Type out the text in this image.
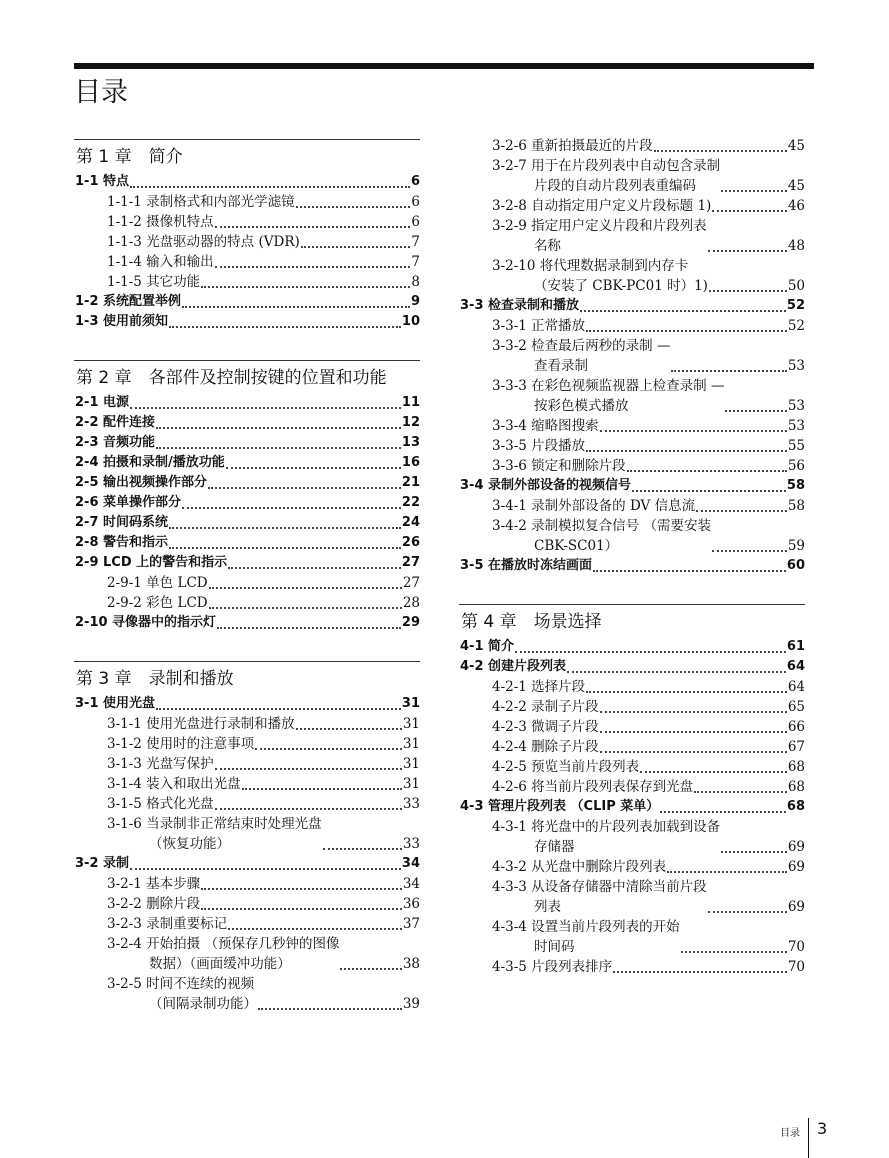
目录
第 1 章　简介
1-1 特点	6
1-1-1 录制格式和内部光学滤镜	6
1-1-2 摄像机特点	6
1-1-3 光盘驱动器的特点 (VDR)	7
1-1-4 输入和输出	7
1-1-5 其它功能	8
1-2 系统配置举例	9
1-3 使用前须知	10
第 2 章　各部件及控制按键的位置和功能
2-1 电源	11
2-2 配件连接	12
2-3 音频功能	13
2-4 拍摄和录制/播放功能	16
2-5 输出视频操作部分	21
2-6 菜单操作部分	22
2-7 时间码系统	24
2-8 警告和指示	26
2-9 LCD 上的警告和指示	27
2-9-1 单色 LCD	27
2-9-2 彩色 LCD	28
2-10 寻像器中的指示灯	29
第 3 章　录制和播放
3-1 使用光盘	31
3-1-1 使用光盘进行录制和播放	31
3-1-2 使用时的注意事项	31
3-1-3 光盘写保护	31
3-1-4 装入和取出光盘	31
3-1-5 格式化光盘	33
3-1-6 当录制非正常结束时处理光盘
（恢复功能）	33
3-2 录制	34
3-2-1 基本步骤	34
3-2-2 删除片段	36
3-2-3 录制重要标记	37
3-2-4 开始拍摄 （预保存几秒钟的图像
数据）（画面缓冲功能）	38
3-2-5 时间不连续的视频
（间隔录制功能）	39
3-2-6 重新拍摄最近的片段	45
3-2-7 用于在片段列表中自动包含录制
片段的自动片段列表重编码	45
3-2-8 自动指定用户定义片段标题 1)	46
3-2-9 指定用户定义片段和片段列表
名称	48
3-2-10 将代理数据录制到内存卡
（安装了 CBK-PC01 时）1)	50
3-3 检查录制和播放	52
3-3-1 正常播放	52
3-3-2 检查最后两秒的录制 —
查看录制	53
3-3-3 在彩色视频监视器上检查录制 —
按彩色模式播放	53
3-3-4 缩略图搜索	53
3-3-5 片段播放	55
3-3-6 锁定和删除片段	56
3-4 录制外部设备的视频信号	58
3-4-1 录制外部设备的 DV 信息流	58
3-4-2 录制模拟复合信号 （需要安装
CBK-SC01）	59
3-5 在播放时冻结画面	60
第 4 章　场景选择
4-1 简介	61
4-2 创建片段列表	64
4-2-1 选择片段	64
4-2-2 录制子片段	65
4-2-3 微调子片段	66
4-2-4 删除子片段	67
4-2-5 预览当前片段列表	68
4-2-6 将当前片段列表保存到光盘	68
4-3 管理片段列表 （CLIP 菜单）	68
4-3-1 将光盘中的片段列表加载到设备
存储器	69
4-3-2 从光盘中删除片段列表	69
4-3-3 从设备存储器中清除当前片段
列表	69
4-3-4 设置当前片段列表的开始
时间码	70
4-3-5 片段列表排序	70
目录 3
